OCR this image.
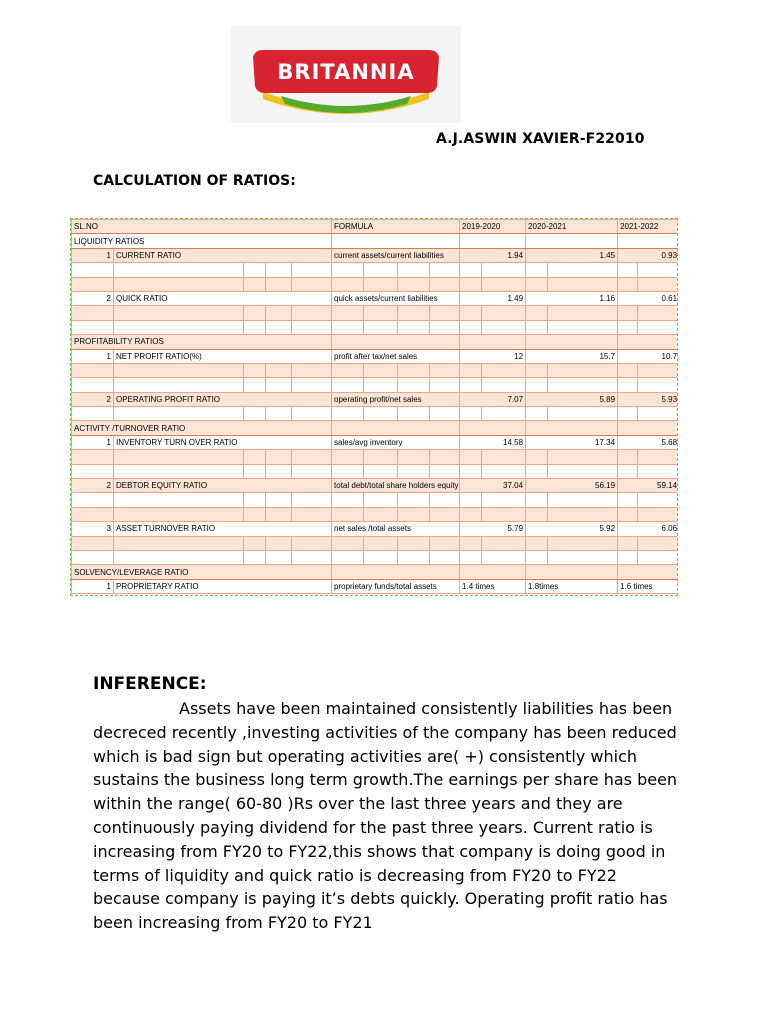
BRITANNIA
A.J.ASWIN XAVIER-F22010
CALCULATION OF RATIOS:
SL.NO					FORMULA				2019-2020		2020-2021		2021-2022		
LIQUIDITY RATIOS															
1	CURRENT RATIO				current assets/current liabilities				1.94		1.45		0.93		

2	QUICK RATIO				quick assets/current liabilities				1.49		1.16		0.61		

PROFITABILITY RATIOS															
1	NET PROFIT RATIO(%)				profit after tax/net sales				12		15.7		10.7		

2	OPERATING PROFIT RATIO				operating profit/net sales				7.07		5.89		5.93		

ACTIVITY /TURNOVER RATIO															
1	INVENTORY TURN OVER RATIO				sales/avg inventory				14.58		17.34		5.68		

2	DEBTOR EQUITY RATIO				total debt/total share holders equity				37.04		56.19		59.14		

3	ASSET TURNOVER RATIO				net sales /total assets				5.79		5.92		6.06		

SOLVENCY/LEVERAGE RATIO															
1	PROPRIETARY RATIO				proprietary funds/total assets				1.4 times		1.8times		1.6 times		
INFERENCE:

Assets have been maintained consistently liabilities has been decreced recently ,investing activities of the company has been reduced which is bad sign but operating activities are( +) consistently which sustains the business long term growth.The earnings per share has been within the range( 60-80 )Rs over the last three years and they are continuously paying dividend for the past three years. Current ratio is increasing from FY20 to FY22,this shows that company is doing good in terms of liquidity and quick ratio is decreasing from FY20 to FY22 because company is paying it’s debts quickly. Operating profit ratio has been increasing from FY20 to FY21
